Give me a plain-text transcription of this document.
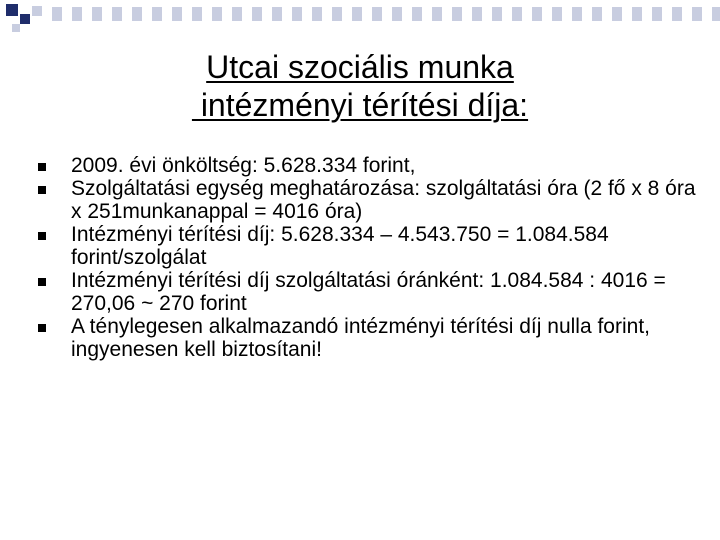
Utcai szociális munka
intézményi térítési díja:
2009. évi önköltség: 5.628.334 forint,
Szolgáltatási egység meghatározása: szolgáltatási óra (2 fő x 8 óra x 251munkanappal = 4016 óra)
Intézményi térítési díj: 5.628.334 – 4.543.750 = 1.084.584 forint/szolgálat
Intézményi térítési díj szolgáltatási óránként: 1.084.584 : 4016 = 270,06 ~ 270 forint
A ténylegesen alkalmazandó intézményi térítési díj nulla forint, ingyenesen kell biztosítani!
